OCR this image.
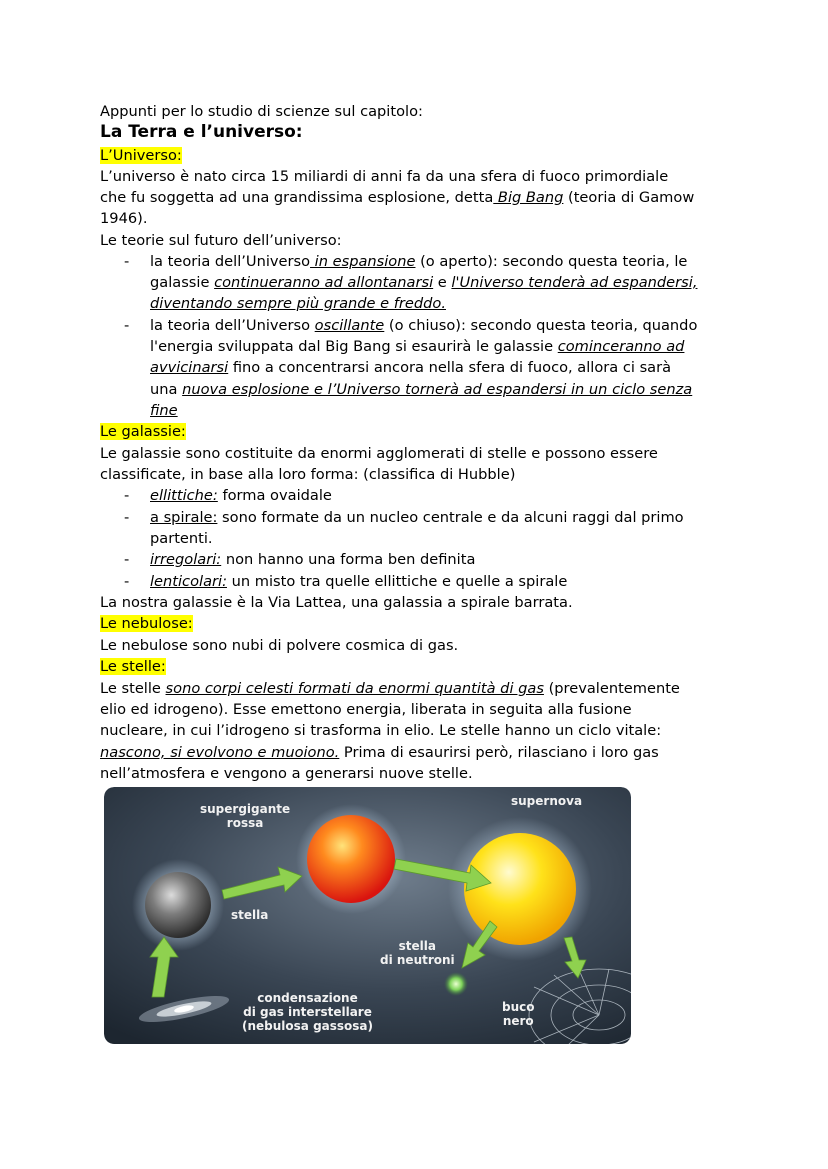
Appunti per lo studio di scienze sul capitolo:

La Terra e l’universo:

L’Universo:

L’universo è nato circa 15 miliardi di anni fa da una sfera di fuoco primordiale

che fu soggetta ad una grandissima esplosione, detta Big Bang (teoria di Gamow

1946).

Le teorie sul futuro dell’universo:

- la teoria dell’Universo in espansione (o aperto): secondo questa teoria, le

galassie continueranno ad allontanarsi e l'Universo tenderà ad espandersi,

diventando sempre più grande e freddo.

- la teoria dell’Universo oscillante (o chiuso): secondo questa teoria, quando

l'energia sviluppata dal Big Bang si esaurirà le galassie cominceranno ad

avvicinarsi fino a concentrarsi ancora nella sfera di fuoco, allora ci sarà

una nuova esplosione e l’Universo tornerà ad espandersi in un ciclo senza

fine

Le galassie:

Le galassie sono costituite da enormi agglomerati di stelle e possono essere

classificate, in base alla loro forma: (classifica di Hubble)

- ellittiche: forma ovaidale

- a spirale: sono formate da un nucleo centrale e da alcuni raggi dal primo

partenti.

- irregolari: non hanno una forma ben definita

- lenticolari: un misto tra quelle ellittiche e quelle a spirale

La nostra galassie è la Via Lattea, una galassia a spirale barrata.

Le nebulose:

Le nebulose sono nubi di polvere cosmica di gas.

Le stelle:

Le stelle sono corpi celesti formati da enormi quantità di gas (prevalentemente

elio ed idrogeno). Esse emettono energia, liberata in seguita alla fusione

nucleare, in cui l’idrogeno si trasforma in elio. Le stelle hanno un ciclo vitale:

nascono, si evolvono e muoiono. Prima di esaurirsi però, rilasciano i loro gas

nell’atmosfera e vengono a generarsi nuove stelle.

supergigante
rossa
supernova
stella
stella
di neutroni
condensazione
di gas interstellare
(nebulosa gassosa)
buco
nero
